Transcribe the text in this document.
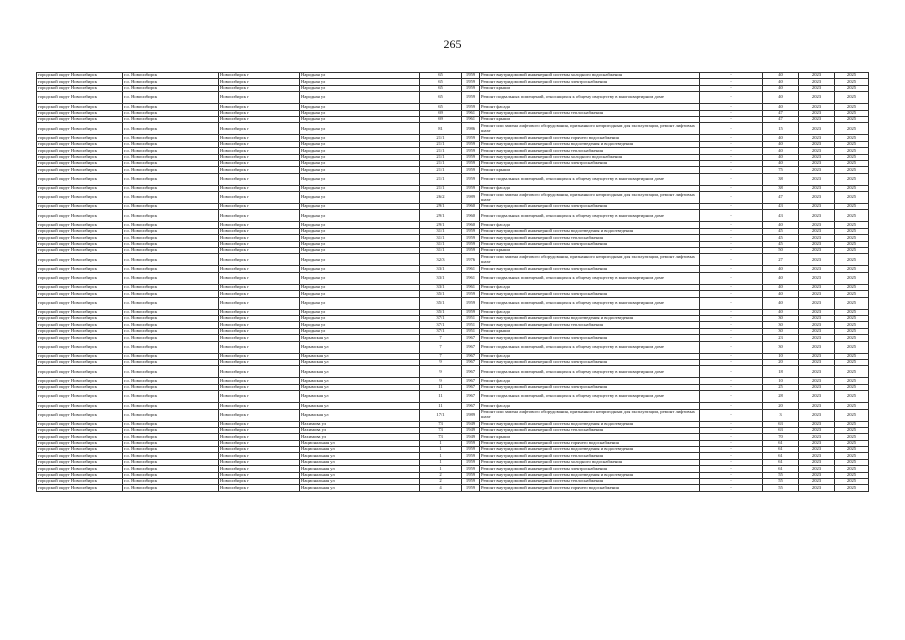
265
городской округ Новосибирск	г.о. Новосибирск	Новосибирск г	Народная ул	65	1959	Ремонт внутридомовой инженерной системы холодного водоснабжения	-	40	2023	2025
городской округ Новосибирск	г.о. Новосибирск	Новосибирск г	Народная ул	65	1959	Ремонт внутридомовой инженерной системы электроснабжения	-	40	2023	2025
городской округ Новосибирск	г.о. Новосибирск	Новосибирск г	Народная ул	65	1959	Ремонт крыши	-	40	2023	2025
городской округ Новосибирск	г.о. Новосибирск	Новосибирск г	Народная ул	65	1959	Ремонт подвальных помещений, относящихся к общему имуществу в многоквартирном доме	-	40	2023	2025
городской округ Новосибирск	г.о. Новосибирск	Новосибирск г	Народная ул	65	1959	Ремонт фасада	-	40	2023	2025
городской округ Новосибирск	г.о. Новосибирск	Новосибирск г	Народная ул	69	1961	Ремонт внутридомовой инженерной системы теплоснабжения	-	47	2023	2025
городской округ Новосибирск	г.о. Новосибирск	Новосибирск г	Народная ул	69	1961	Ремонт крыши	-	47	2023	2025
городской округ Новосибирск	г.о. Новосибирск	Новосибирск г	Народная ул	81	1986	Ремонт или замена лифтового оборудования, признанного непригодным для эксплуатации, ремонт лифтовых шахт	-	15	2023	2025
городской округ Новосибирск	г.о. Новосибирск	Новосибирск г	Народная ул	21/1	1959	Ремонт внутридомовой инженерной системы горячего водоснабжения	-	40	2023	2025
городской округ Новосибирск	г.о. Новосибирск	Новосибирск г	Народная ул	21/1	1959	Ремонт внутридомовой инженерной системы водоотведения и водоотведения	-	40	2023	2025
городской округ Новосибирск	г.о. Новосибирск	Новосибирск г	Народная ул	21/1	1959	Ремонт внутридомовой инженерной системы теплоснабжения	-	40	2023	2025
городской округ Новосибирск	г.о. Новосибирск	Новосибирск г	Народная ул	21/1	1959	Ремонт внутридомовой инженерной системы холодного водоснабжения	-	40	2023	2025
городской округ Новосибирск	г.о. Новосибирск	Новосибирск г	Народная ул	21/1	1959	Ремонт внутридомовой инженерной системы электроснабжения	-	40	2023	2025
городской округ Новосибирск	г.о. Новосибирск	Новосибирск г	Народная ул	21/1	1959	Ремонт крыши	-	75	2023	2025
городской округ Новосибирск	г.о. Новосибирск	Новосибирск г	Народная ул	21/1	1959	Ремонт подвальных помещений, относящихся к общему имуществу в многоквартирном доме	-	38	2023	2025
городской округ Новосибирск	г.о. Новосибирск	Новосибирск г	Народная ул	21/1	1959	Ремонт фасада	-	38	2023	2025
городской округ Новосибирск	г.о. Новосибирск	Новосибирск г	Народная ул	26/2	1989	Ремонт или замена лифтового оборудования, признанного непригодным для эксплуатации, ремонт лифтовых шахт	-	47	2023	2025
городской округ Новосибирск	г.о. Новосибирск	Новосибирск г	Народная ул	29/1	1960	Ремонт внутридомовой инженерной системы электроснабжения	-	43	2023	2025
городской округ Новосибирск	г.о. Новосибирск	Новосибирск г	Народная ул	29/1	1960	Ремонт подвальных помещений, относящихся к общему имуществу в многоквартирном доме	-	43	2023	2025
городской округ Новосибирск	г.о. Новосибирск	Новосибирск г	Народная ул	29/1	1960	Ремонт фасада	-	40	2023	2025
городской округ Новосибирск	г.о. Новосибирск	Новосибирск г	Народная ул	31/1	1959	Ремонт внутридомовой инженерной системы водоотведения и водоотведения	-	45	2023	2025
городской округ Новосибирск	г.о. Новосибирск	Новосибирск г	Народная ул	31/1	1959	Ремонт внутридомовой инженерной системы теплоснабжения	-	45	2023	2025
городской округ Новосибирск	г.о. Новосибирск	Новосибирск г	Народная ул	31/1	1959	Ремонт внутридомовой инженерной системы электроснабжения	-	45	2023	2025
городской округ Новосибирск	г.о. Новосибирск	Новосибирск г	Народная ул	31/1	1959	Ремонт крыши	-	50	2023	2025
городской округ Новосибирск	г.о. Новосибирск	Новосибирск г	Народная ул	32/3	1976	Ремонт или замена лифтового оборудования, признанного непригодным для эксплуатации, ремонт лифтовых шахт	-	27	2023	2025
городской округ Новосибирск	г.о. Новосибирск	Новосибирск г	Народная ул	33/1	1961	Ремонт внутридомовой инженерной системы электроснабжения	-	40	2023	2025
городской округ Новосибирск	г.о. Новосибирск	Новосибирск г	Народная ул	33/1	1961	Ремонт подвальных помещений, относящихся к общему имуществу в многоквартирном доме	-	40	2023	2025
городской округ Новосибирск	г.о. Новосибирск	Новосибирск г	Народная ул	33/1	1961	Ремонт фасада	-	40	2023	2025
городской округ Новосибирск	г.о. Новосибирск	Новосибирск г	Народная ул	35/1	1959	Ремонт внутридомовой инженерной системы электроснабжения	-	40	2023	2025
городской округ Новосибирск	г.о. Новосибирск	Новосибирск г	Народная ул	35/1	1959	Ремонт подвальных помещений, относящихся к общему имуществу в многоквартирном доме	-	40	2023	2025
городской округ Новосибирск	г.о. Новосибирск	Новосибирск г	Народная ул	35/1	1959	Ремонт фасада	-	40	2023	2025
городской округ Новосибирск	г.о. Новосибирск	Новосибирск г	Народная ул	37/1	1951	Ремонт внутридомовой инженерной системы водоотведения и водоотведения	-	30	2023	2025
городской округ Новосибирск	г.о. Новосибирск	Новосибирск г	Народная ул	37/1	1951	Ремонт внутридомовой инженерной системы теплоснабжения	-	30	2023	2025
городской округ Новосибирск	г.о. Новосибирск	Новосибирск г	Народная ул	37/1	1951	Ремонт крыши	-	30	2023	2025
городской округ Новосибирск	г.о. Новосибирск	Новосибирск г	Нарымская ул	7	1967	Ремонт внутридомовой инженерной системы электроснабжения	-	23	2023	2025
городской округ Новосибирск	г.о. Новосибирск	Новосибирск г	Нарымская ул	7	1967	Ремонт подвальных помещений, относящихся к общему имуществу в многоквартирном доме	-	30	2023	2025
городской округ Новосибирск	г.о. Новосибирск	Новосибирск г	Нарымская ул	7	1967	Ремонт фасада	-	10	2023	2025
городской округ Новосибирск	г.о. Новосибирск	Новосибирск г	Нарымская ул	9	1967	Ремонт внутридомовой инженерной системы электроснабжения	-	20	2023	2025
городской округ Новосибирск	г.о. Новосибирск	Новосибирск г	Нарымская ул	9	1967	Ремонт подвальных помещений, относящихся к общему имуществу в многоквартирном доме	-	18	2023	2025
городской округ Новосибирск	г.о. Новосибирск	Новосибирск г	Нарымская ул	9	1967	Ремонт фасада	-	10	2023	2025
городской округ Новосибирск	г.о. Новосибирск	Новосибирск г	Нарымская ул	11	1967	Ремонт внутридомовой инженерной системы электроснабжения	-	25	2023	2025
городской округ Новосибирск	г.о. Новосибирск	Новосибирск г	Нарымская ул	11	1967	Ремонт подвальных помещений, относящихся к общему имуществу в многоквартирном доме	-	28	2023	2025
городской округ Новосибирск	г.о. Новосибирск	Новосибирск г	Нарымская ул	11	1967	Ремонт фасада	-	20	2023	2025
городской округ Новосибирск	г.о. Новосибирск	Новосибирск г	Нарымская ул	17/1	1989	Ремонт или замена лифтового оборудования, признанного непригодным для эксплуатации, ремонт лифтовых шахт	-	3	2023	2025
городской округ Новосибирск	г.о. Новосибирск	Новосибирск г	Нахимова ул	73	1949	Ремонт внутридомовой инженерной системы водоотведения и водоотведения	-	63	2023	2025
городской округ Новосибирск	г.о. Новосибирск	Новосибирск г	Нахимова ул	73	1949	Ремонт внутридомовой инженерной системы теплоснабжения	-	63	2023	2025
городской округ Новосибирск	г.о. Новосибирск	Новосибирск г	Нахимова ул	73	1949	Ремонт крыши	-	70	2023	2025
городской округ Новосибирск	г.о. Новосибирск	Новосибирск г	Национальная ул	1	1959	Ремонт внутридомовой инженерной системы горячего водоснабжения	-	61	2023	2025
городской округ Новосибирск	г.о. Новосибирск	Новосибирск г	Национальная ул	1	1959	Ремонт внутридомовой инженерной системы водоотведения и водоотведения	-	61	2023	2025
городской округ Новосибирск	г.о. Новосибирск	Новосибирск г	Национальная ул	1	1959	Ремонт внутридомовой инженерной системы теплоснабжения	-	61	2023	2025
городской округ Новосибирск	г.о. Новосибирск	Новосибирск г	Национальная ул	1	1959	Ремонт внутридомовой инженерной системы холодного водоснабжения	-	61	2023	2025
городской округ Новосибирск	г.о. Новосибирск	Новосибирск г	Национальная ул	1	1959	Ремонт внутридомовой инженерной системы электроснабжения	-	61	2023	2025
городской округ Новосибирск	г.о. Новосибирск	Новосибирск г	Национальная ул	2	1959	Ремонт внутридомовой инженерной системы водоотведения и водоотведения	-	55	2023	2025
городской округ Новосибирск	г.о. Новосибирск	Новосибирск г	Национальная ул	2	1959	Ремонт внутридомовой инженерной системы теплоснабжения	-	55	2023	2025
городской округ Новосибирск	г.о. Новосибирск	Новосибирск г	Национальная ул	4	1959	Ремонт внутридомовой инженерной системы горячего водоснабжения	-	55	2023	2025
